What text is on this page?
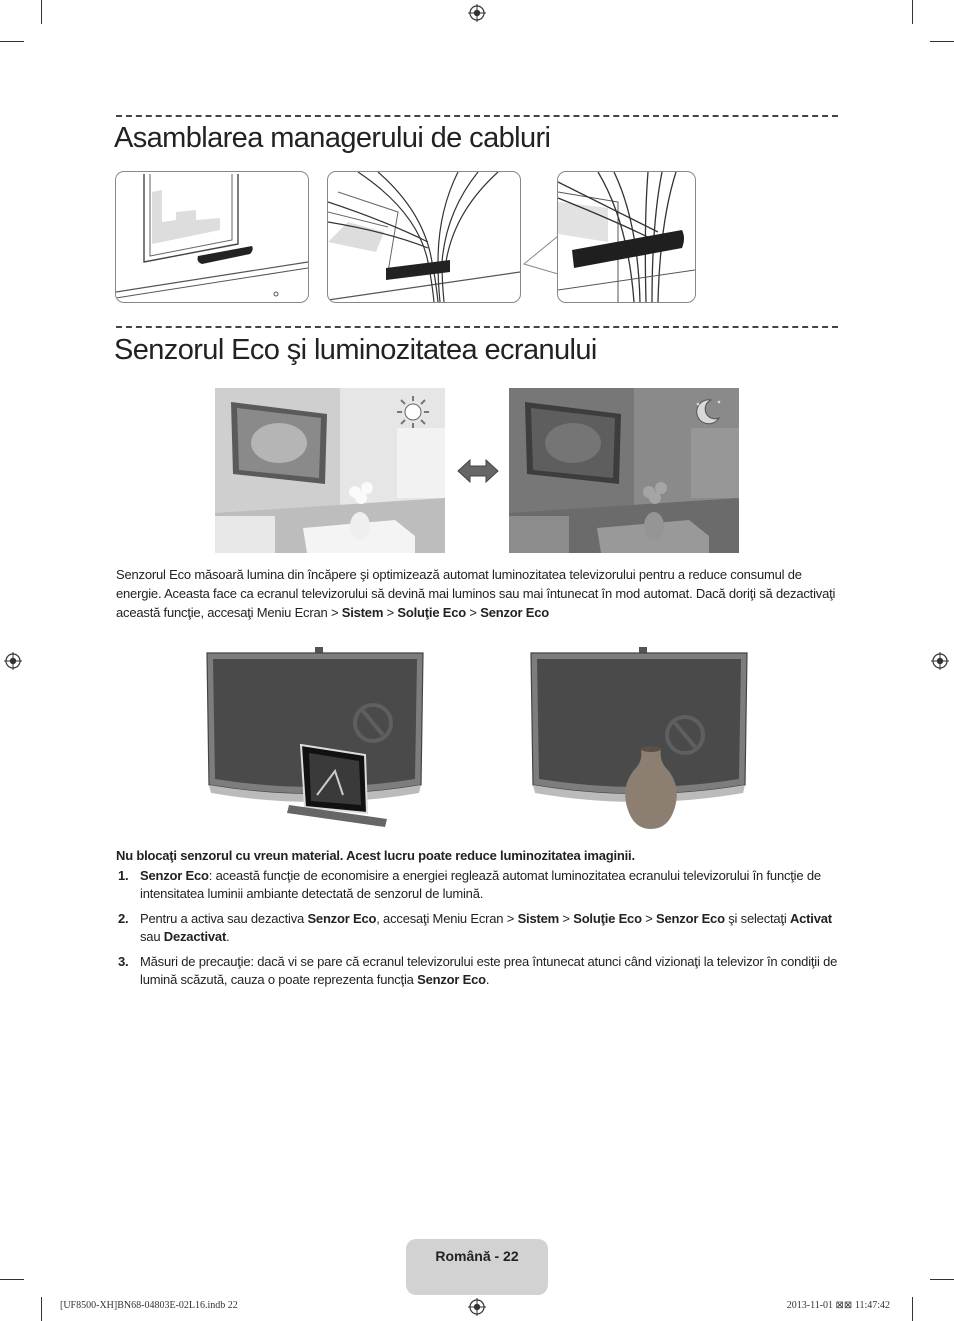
Asamblarea managerului de cabluri
Senzorul Eco şi luminozitatea ecranului

Senzorul Eco măsoară lumina din încăpere şi optimizează automat luminozitatea televizorului pentru a reduce consumul de energie. Aceasta face ca ecranul televizorului să devină mai luminos sau mai întunecat în mod automat. Dacă doriţi să dezactivaţi această funcţie, accesaţi Meniu Ecran > Sistem > Soluţie Eco > Senzor Eco

Nu blocaţi senzorul cu vreun material. Acest lucru poate reduce luminozitatea imaginii.
1. Senzor Eco: această funcţie de economisire a energiei reglează automat luminozitatea ecranului televizorului în funcţie de intensitatea luminii ambiante detectată de senzorul de lumină.
2. Pentru a activa sau dezactiva Senzor Eco, accesaţi Meniu Ecran > Sistem > Soluţie Eco > Senzor Eco şi selectaţi Activat sau Dezactivat.
3. Măsuri de precauţie: dacă vi se pare că ecranul televizorului este prea întunecat atunci când vizionaţi la televizor în condiţii de lumină scăzută, cauza o poate reprezenta funcţia Senzor Eco.
Română - 22
[UF8500-XH]BN68-04803E-02L16.indb 22	2013-11-01 ⊠⊠ 11:47:42
